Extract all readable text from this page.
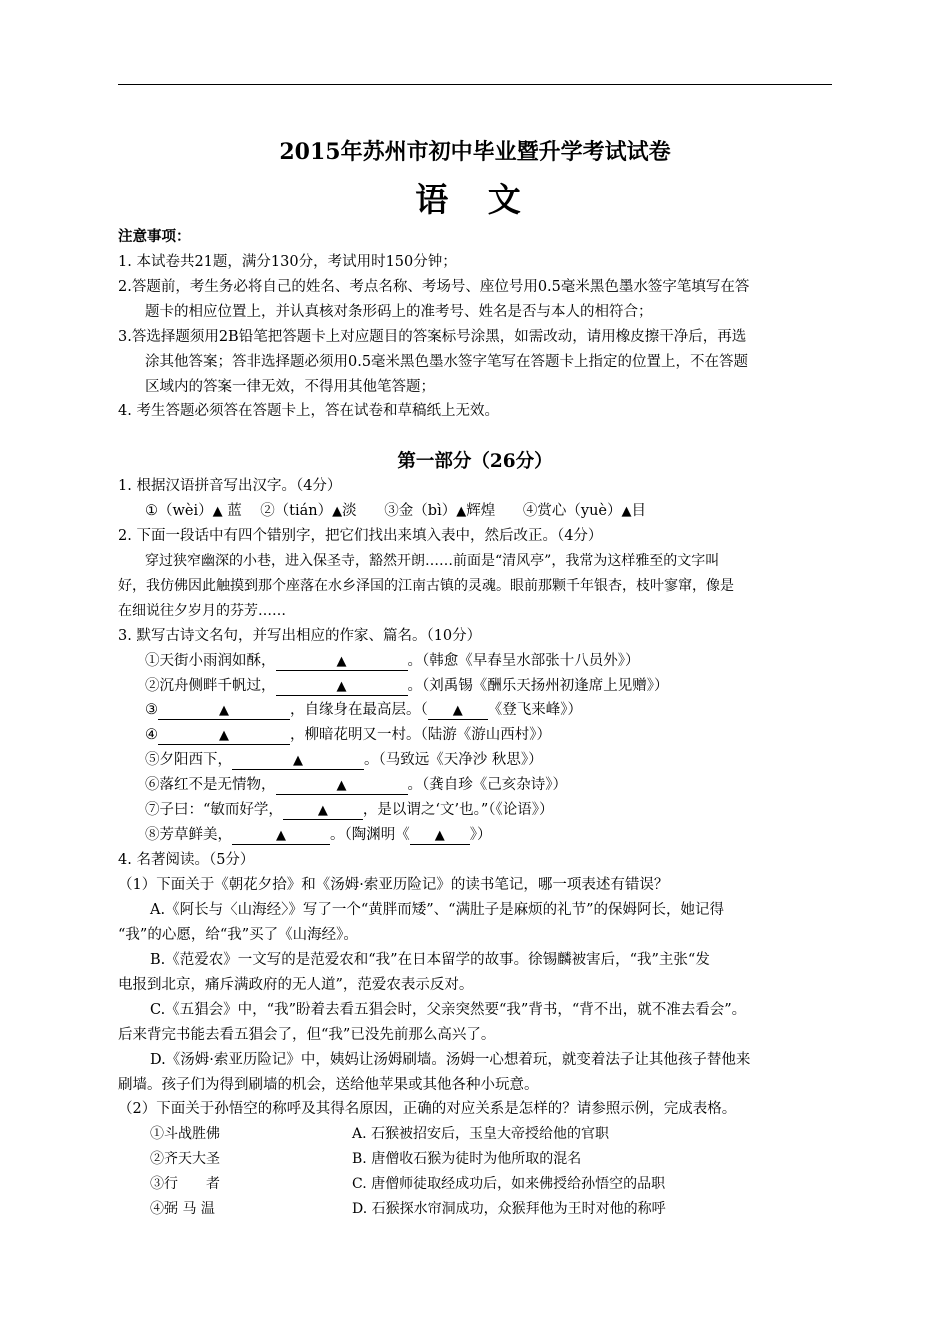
2015年苏州市初中毕业暨升学考试试卷
语 文
注意事项：
1. 本试卷共21题，满分130分，考试用时150分钟；
2.答题前，考生务必将自己的姓名、考点名称、考场号、座位号用0.5毫米黑色墨水签字笔填写在答
题卡的相应位置上，并认真核对条形码上的准考号、姓名是否与本人的相符合；
3.答选择题须用2B铅笔把答题卡上对应题目的答案标号涂黑，如需改动，请用橡皮擦干净后，再选
涂其他答案；答非选择题必须用0.5毫米黑色墨水签字笔写在答题卡上指定的位置上，不在答题
区域内的答案一律无效，不得用其他笔答题；
4. 考生答题必须答在答题卡上，答在试卷和草稿纸上无效。
第一部分（26分）
1. 根据汉语拼音写出汉字。（4分）
①（wèi）▲ 蓝 ②（tián）▲淡 ③金（bì）▲辉煌 ④赏心（yuè）▲目
2. 下面一段话中有四个错别字，把它们找出来填入表中，然后改正。（4分）
穿过狭窄幽深的小巷，进入保圣寺，豁然开朗……前面是“清风亭”，我常为这样雅至的文字叫
好，我仿佛因此触摸到那个座落在水乡泽国的江南古镇的灵魂。眼前那颗千年银杏，枝叶寥窜，像是
在细说往夕岁月的芬芳……
3. 默写古诗文名句，并写出相应的作家、篇名。（10分）
①天街小雨润如酥，	▲	。（韩愈《早春呈水部张十八员外》）
②沉舟侧畔千帆过，	▲	。（刘禹锡《酬乐天扬州初逢席上见赠》）
③	▲	，自缘身在最高层。（ ▲ 《登飞来峰》）
④	▲	，柳暗花明又一村。（陆游《游山西村》）
⑤夕阳西下，	▲	。（马致远《天净沙 秋思》）
⑥落红不是无情物，	▲	。（龚自珍《己亥杂诗》）
⑦子曰：“敏而好学，	▲ ，是以谓之‘文’也。”（《论语》）
⑧芳草鲜美，	▲	。（陶渊明《 ▲ 》）
4. 名著阅读。（5分）
（1）下面关于《朝花夕拾》和《汤姆·索亚历险记》的读书笔记，哪一项表述有错误？
A.《阿长与〈山海经〉》写了一个“黄胖而矮”、“满肚子是麻烦的礼节”的保姆阿长，她记得
“我”的心愿，给“我”买了《山海经》。
B.《范爱农》一文写的是范爱农和“我”在日本留学的故事。徐锡麟被害后，“我”主张“发
电报到北京，痛斥满政府的无人道”，范爱农表示反对。
C.《五猖会》中，“我”盼着去看五猖会时，父亲突然要“我”背书，“背不出，就不准去看会”。
后来背完书能去看五猖会了，但“我”已没先前那么高兴了。
D.《汤姆·索亚历险记》中，姨妈让汤姆刷墙。汤姆一心想着玩，就变着法子让其他孩子替他来
刷墙。孩子们为得到刷墙的机会，送给他苹果或其他各种小玩意。
（2）下面关于孙悟空的称呼及其得名原因，正确的对应关系是怎样的？请参照示例，完成表格。
①斗战胜佛	A. 石猴被招安后，玉皇大帝授给他的官职
②齐天大圣	B. 唐僧收石猴为徒时为他所取的混名
③行　　者	C. 唐僧师徒取经成功后，如来佛授给孙悟空的品职
④弼 马 温	D. 石猴探水帘洞成功，众猴拜他为王时对他的称呼
